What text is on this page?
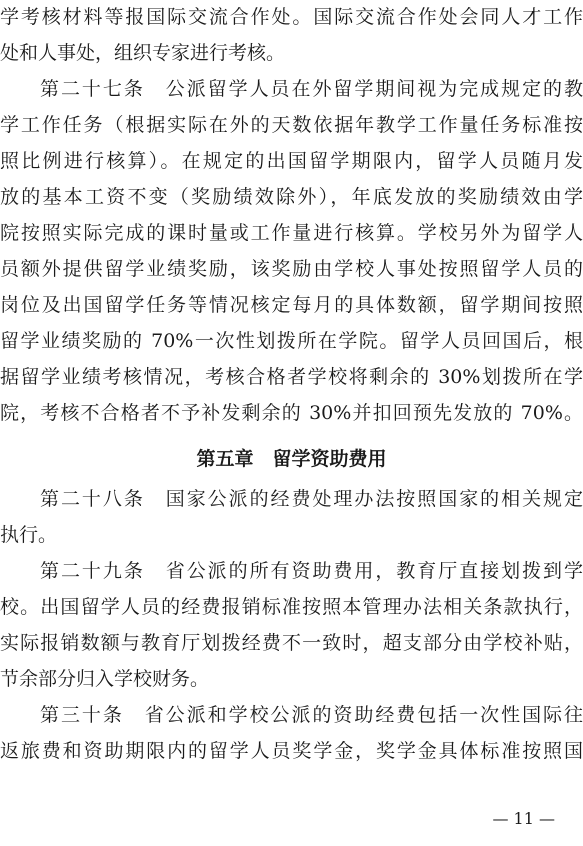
学考核材料等报国际交流合作处。国际交流合作处会同人才工作
处和人事处，组织专家进行考核。
第二十七条　公派留学人员在外留学期间视为完成规定的教
学工作任务（根据实际在外的天数依据年教学工作量任务标准按
照比例进行核算）。在规定的出国留学期限内，留学人员随月发
放的基本工资不变（奖励绩效除外），年底发放的奖励绩效由学
院按照实际完成的课时量或工作量进行核算。学校另外为留学人
员额外提供留学业绩奖励，该奖励由学校人事处按照留学人员的
岗位及出国留学任务等情况核定每月的具体数额，留学期间按照
留学业绩奖励的 70%一次性划拨所在学院。留学人员回国后，根
据留学业绩考核情况，考核合格者学校将剩余的 30%划拨所在学
院，考核不合格者不予补发剩余的 30%并扣回预先发放的 70%。
第五章　留学资助费用
第二十八条　国家公派的经费处理办法按照国家的相关规定
执行。
第二十九条　省公派的所有资助费用，教育厅直接划拨到学
校。出国留学人员的经费报销标准按照本管理办法相关条款执行，
实际报销数额与教育厅划拨经费不一致时，超支部分由学校补贴，
节余部分归入学校财务。
第三十条　省公派和学校公派的资助经费包括一次性国际往
返旅费和资助期限内的留学人员奖学金，奖学金具体标准按照国
— 11 —
